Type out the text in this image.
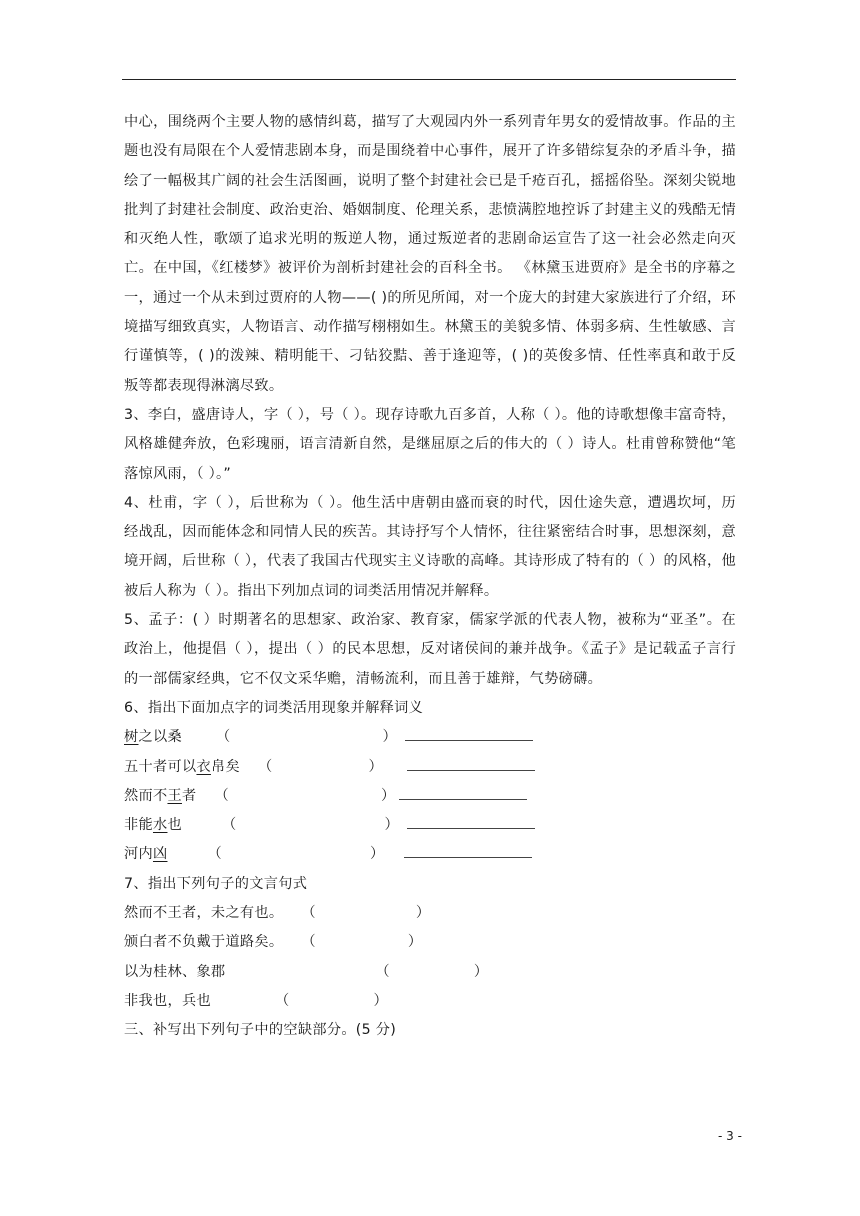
中心，围绕两个主要人物的感情纠葛，描写了大观园内外一系列青年男女的爱情故事。作品的主题也没有局限在个人爱情悲剧本身，而是围绕着中心事件，展开了许多错综复杂的矛盾斗争，描绘了一幅极其广阔的社会生活图画，说明了整个封建社会已是千疮百孔，摇摇俗坠。深刻尖锐地批判了封建社会制度、政治吏治、婚姻制度、伦理关系，悲愤满腔地控诉了封建主义的残酷无情和灭绝人性，歌颂了追求光明的叛逆人物，通过叛逆者的悲剧命运宣告了这一社会必然走向灭亡。在中国，《红楼梦》被评价为剖析封建社会的百科全书。 《林黛玉进贾府》是全书的序幕之一，通过一个从未到过贾府的人物——( )的所见所闻，对一个庞大的封建大家族进行了介绍，环境描写细致真实，人物语言、动作描写栩栩如生。林黛玉的美貌多情、体弱多病、生性敏感、言行谨慎等，( )的泼辣、精明能干、刁钻狡黠、善于逢迎等，( )的英俊多情、任性率真和敢于反叛等都表现得淋漓尽致。

3、李白，盛唐诗人，字（ ），号（ ）。现存诗歌九百多首，人称（ ）。他的诗歌想像丰富奇特，风格雄健奔放，色彩瑰丽，语言清新自然，是继屈原之后的伟大的（ ）诗人。杜甫曾称赞他“笔落惊风雨，（ ）。”

4、杜甫，字（ ），后世称为（ ）。他生活中唐朝由盛而衰的时代，因仕途失意，遭遇坎坷，历经战乱，因而能体念和同情人民的疾苦。其诗抒写个人情怀，往往紧密结合时事，思想深刻，意境开阔，后世称（ ），代表了我国古代现实主义诗歌的高峰。其诗形成了特有的（ ）的风格，他被后人称为（ ）。指出下列加点词的词类活用情况并解释。

5、孟子：( ）时期著名的思想家、政治家、教育家，儒家学派的代表人物，被称为“亚圣”。在政治上，他提倡（ ），提出（ ）的民本思想，反对诸侯间的兼并战争。《孟子》是记载孟子言行的一部儒家经典，它不仅文采华赡，清畅流利，而且善于雄辩，气势磅礴。

6、指出下面加点字的词类活用现象并解释词义

树 之以桑 （	）
五十者可以 衣 帛矣 （	）
然而不 王 者 （	）
非能 水 也	（	）
河内 凶	（	）

7、指出下列句子的文言句式

然而不王者，未之有也。 （	）
颁白者不负戴于道路矣。 （	）
以为桂林、象郡	（	）
非我也，兵也	（	）

三、补写出下列句子中的空缺部分。(5 分)

- 3 -
